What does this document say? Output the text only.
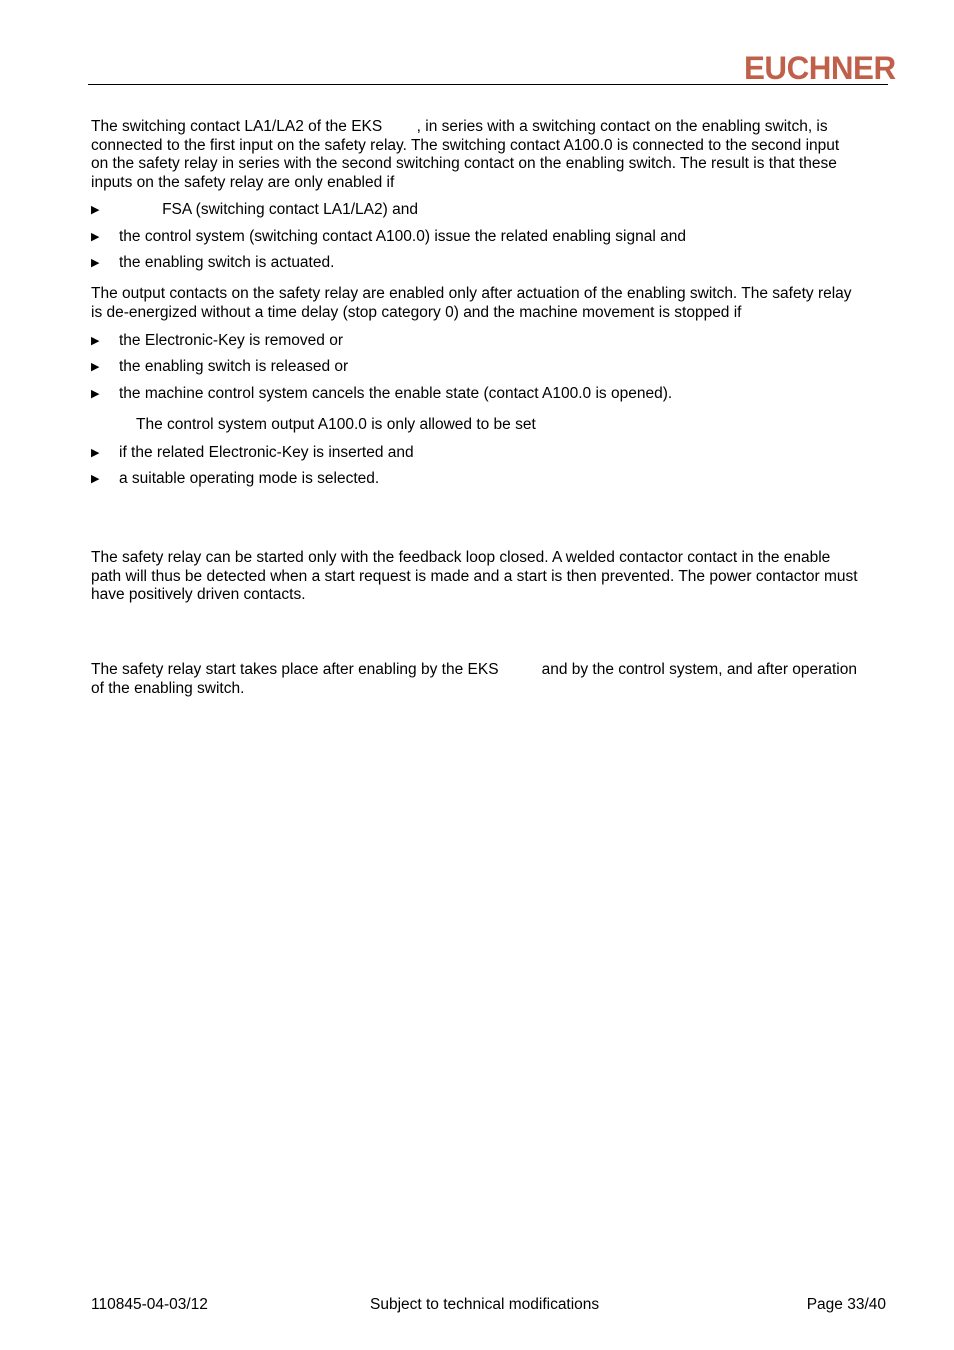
EUCHNER
The switching contact LA1/LA2 of the EKS        , in series with a switching contact on the enabling switch, is
connected to the first input on the safety relay. The switching contact A100.0 is connected to the second input
on the safety relay in series with the second switching contact on the enabling switch. The result is that these
inputs on the safety relay are only enabled if

▶

FSA (switching contact LA1/LA2) and

▶

the control system (switching contact A100.0) issue the related enabling signal and

▶

the enabling switch is actuated.

The output contacts on the safety relay are enabled only after actuation of the enabling switch. The safety relay
is de-energized without a time delay (stop category 0) and the machine movement is stopped if

▶

the Electronic-Key is removed or

▶

the enabling switch is released or

▶

the machine control system cancels the enable state (contact A100.0 is opened).

The control system output A100.0 is only allowed to be set

▶

if the related Electronic-Key is inserted and

▶

a suitable operating mode is selected.

The safety relay can be started only with the feedback loop closed. A welded contactor contact in the enable
path will thus be detected when a start request is made and a start is then prevented. The power contactor must
have positively driven contacts.
The safety relay start takes place after enabling by the EKS          and by the control system, and after operation
of the enabling switch.
110845-04-03/12	Subject to technical modifications	Page 33/40
